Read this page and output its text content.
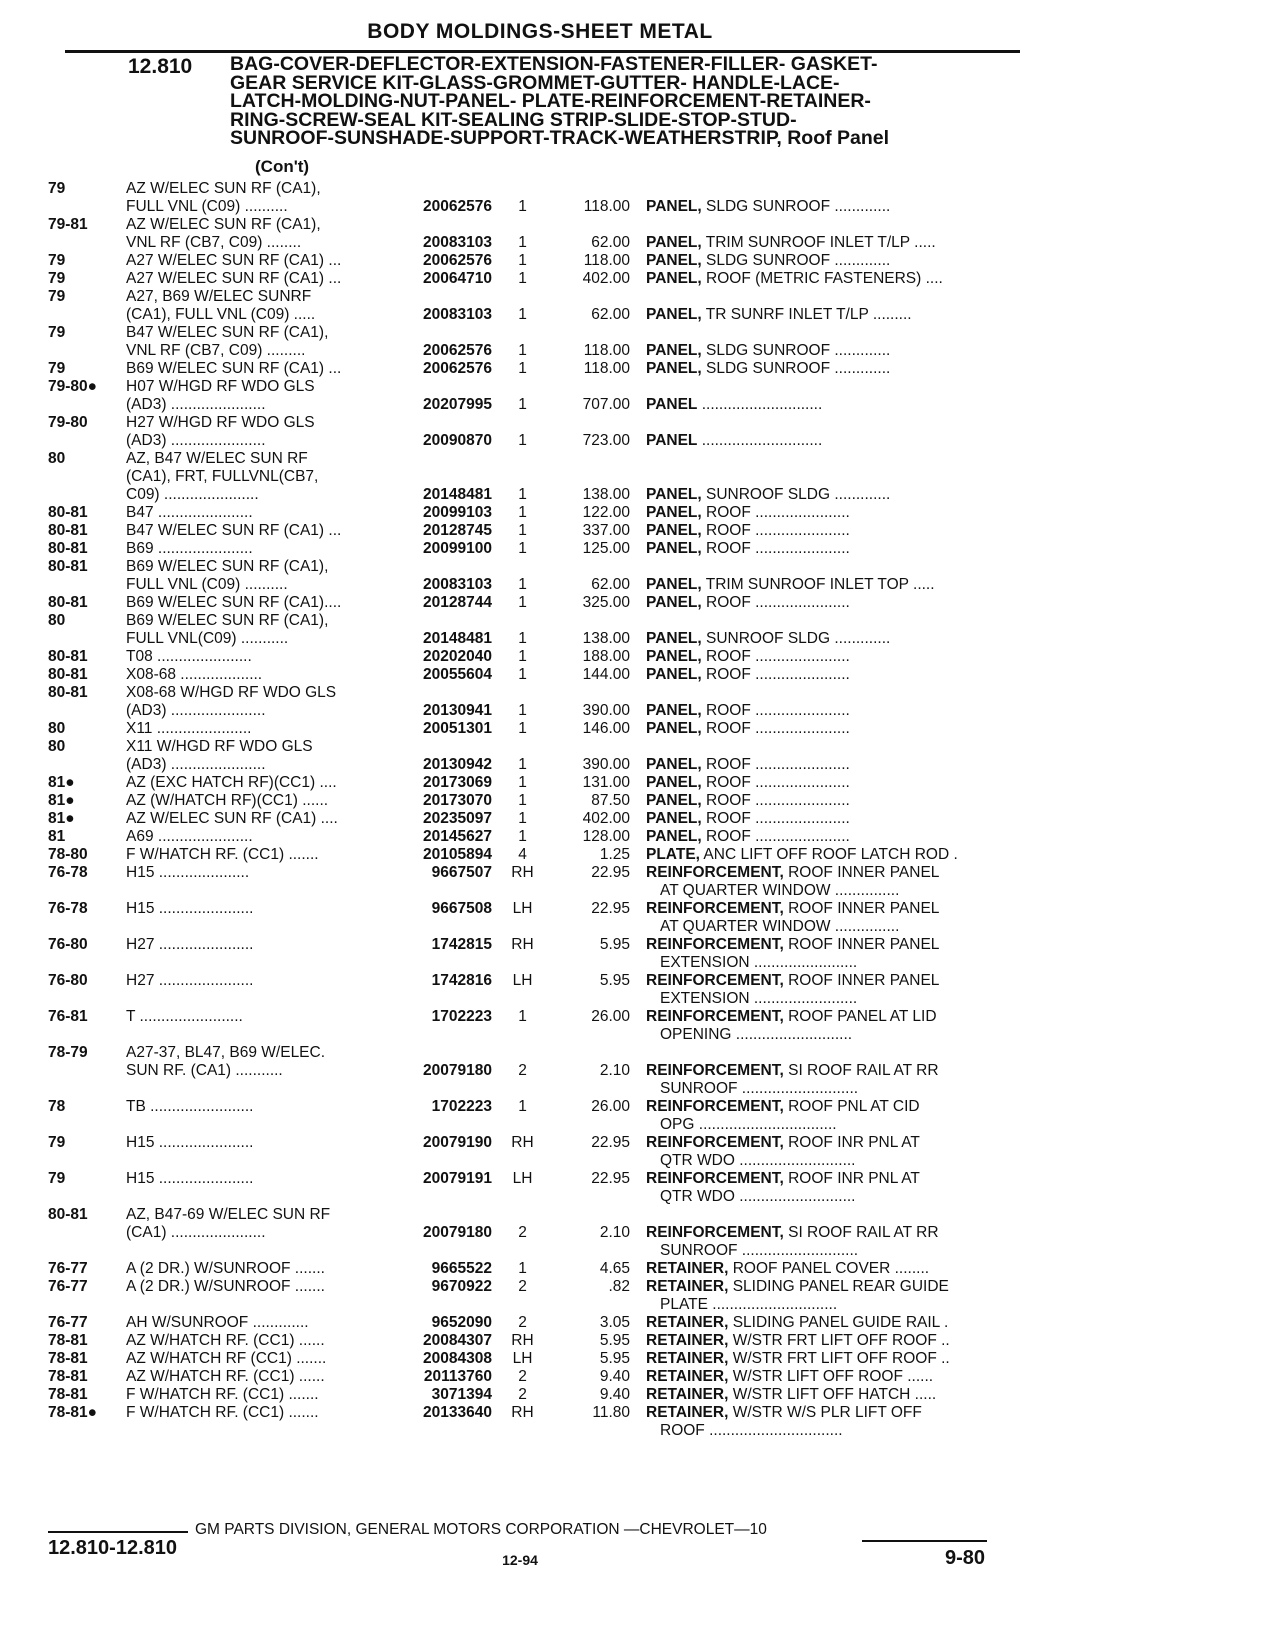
BODY MOLDINGS-SHEET METAL
12.810 BAG-COVER-DEFLECTOR-EXTENSION-FASTENER-FILLER- GASKET-
GEAR SERVICE KIT-GLASS-GROMMET-GUTTER- HANDLE-LACE-
LATCH-MOLDING-NUT-PANEL- PLATE-REINFORCEMENT-RETAINER-
RING-SCREW-SEAL KIT-SEALING STRIP-SLIDE-STOP-STUD-
SUNROOF-SUNSHADE-SUPPORT-TRACK-WEATHERSTRIP, Roof Panel
(Con't)
79	AZ W/ELEC SUN RF (CA1),
FULL VNL (C09) ..........	20062576	1	118.00 PANEL, SLDG SUNROOF .............
79-81	AZ W/ELEC SUN RF (CA1),
VNL RF (CB7, C09) ........	20083103	1	62.00 PANEL, TRIM SUNROOF INLET T/LP .....
79	A27 W/ELEC SUN RF (CA1) ...	20062576	1	118.00 PANEL, SLDG SUNROOF .............
79	A27 W/ELEC SUN RF (CA1) ...	20064710	1	402.00 PANEL, ROOF (METRIC FASTENERS) ....
79	A27, B69 W/ELEC SUNRF
(CA1), FULL VNL (C09) .....	20083103	1	62.00 PANEL, TR SUNRF INLET T/LP .........
79	B47 W/ELEC SUN RF (CA1),
VNL RF (CB7, C09) .........	20062576	1	118.00 PANEL, SLDG SUNROOF .............
79	B69 W/ELEC SUN RF (CA1) ...	20062576	1	118.00 PANEL, SLDG SUNROOF .............
79-80●	H07 W/HGD RF WDO GLS
(AD3) ......................	20207995	1	707.00 PANEL ............................
79-80	H27 W/HGD RF WDO GLS
(AD3) ......................	20090870	1	723.00 PANEL ............................
80	AZ, B47 W/ELEC SUN RF
(CA1), FRT, FULLVNL(CB7,
C09) ......................	20148481	1	138.00 PANEL, SUNROOF SLDG .............
80-81	B47 ......................	20099103	1	122.00 PANEL, ROOF ......................
80-81	B47 W/ELEC SUN RF (CA1) ...	20128745	1	337.00 PANEL, ROOF ......................
80-81	B69 ......................	20099100	1	125.00 PANEL, ROOF ......................
80-81	B69 W/ELEC SUN RF (CA1),
FULL VNL (C09) ..........	20083103	1	62.00 PANEL, TRIM SUNROOF INLET TOP .....
80-81	B69 W/ELEC SUN RF (CA1)....	20128744	1	325.00 PANEL, ROOF ......................
80	B69 W/ELEC SUN RF (CA1),
FULL VNL(C09) ...........	20148481	1	138.00 PANEL, SUNROOF SLDG .............
80-81	T08 ......................	20202040	1	188.00 PANEL, ROOF ......................
80-81	X08-68 ...................	20055604	1	144.00 PANEL, ROOF ......................
80-81	X08-68 W/HGD RF WDO GLS
(AD3) ......................	20130941	1	390.00 PANEL, ROOF ......................
80	X11 ......................	20051301	1	146.00 PANEL, ROOF ......................
80	X11 W/HGD RF WDO GLS
(AD3) ......................	20130942	1	390.00 PANEL, ROOF ......................
81●	AZ (EXC HATCH RF)(CC1) ....	20173069	1	131.00 PANEL, ROOF ......................
81●	AZ (W/HATCH RF)(CC1) ......	20173070	1	87.50 PANEL, ROOF ......................
81●	AZ W/ELEC SUN RF (CA1) ....	20235097	1	402.00 PANEL, ROOF ......................
81	A69 ......................	20145627	1	128.00 PANEL, ROOF ......................
78-80	F W/HATCH RF. (CC1) .......	20105894	4	1.25 PLATE, ANC LIFT OFF ROOF LATCH ROD .
76-78	H15 .....................	9667507	RH	22.95 REINFORCEMENT, ROOF INNER PANEL
AT QUARTER WINDOW ...............
76-78	H15 ......................	9667508	LH	22.95 REINFORCEMENT, ROOF INNER PANEL
AT QUARTER WINDOW ...............
76-80	H27 ......................	1742815	RH	5.95 REINFORCEMENT, ROOF INNER PANEL
EXTENSION ........................
76-80	H27 ......................	1742816	LH	5.95 REINFORCEMENT, ROOF INNER PANEL
EXTENSION ........................
76-81	T ........................	1702223	1	26.00 REINFORCEMENT, ROOF PANEL AT LID
OPENING ...........................
78-79	A27-37, BL47, B69 W/ELEC.
SUN RF. (CA1) ...........	20079180	2	2.10 REINFORCEMENT, SI ROOF RAIL AT RR
SUNROOF ...........................
78	TB ........................	1702223	1	26.00 REINFORCEMENT, ROOF PNL AT CID
OPG ................................
79	H15 ......................	20079190	RH	22.95 REINFORCEMENT, ROOF INR PNL AT
QTR WDO ...........................
79	H15 ......................	20079191	LH	22.95 REINFORCEMENT, ROOF INR PNL AT
QTR WDO ...........................
80-81	AZ, B47-69 W/ELEC SUN RF
(CA1) ......................	20079180	2	2.10 REINFORCEMENT, SI ROOF RAIL AT RR
SUNROOF ...........................
76-77	A (2 DR.) W/SUNROOF .......	9665522	1	4.65 RETAINER, ROOF PANEL COVER ........
76-77	A (2 DR.) W/SUNROOF .......	9670922	2	.82 RETAINER, SLIDING PANEL REAR GUIDE
PLATE .............................
76-77	AH W/SUNROOF .............	9652090	2	3.05 RETAINER, SLIDING PANEL GUIDE RAIL .
78-81	AZ W/HATCH RF. (CC1) ......	20084307	RH	5.95 RETAINER, W/STR FRT LIFT OFF ROOF ..
78-81	AZ W/HATCH RF (CC1) .......	20084308	LH	5.95 RETAINER, W/STR FRT LIFT OFF ROOF ..
78-81	AZ W/HATCH RF. (CC1) ......	20113760	2	9.40 RETAINER, W/STR LIFT OFF ROOF ......
78-81	F W/HATCH RF. (CC1) .......	3071394	2	9.40 RETAINER, W/STR LIFT OFF HATCH .....
78-81●	F W/HATCH RF. (CC1) .......	20133640	RH	11.80 RETAINER, W/STR W/S PLR LIFT OFF
ROOF ...............................
GM PARTS DIVISION, GENERAL MOTORS CORPORATION —CHEVROLET—10
12.810-12.810
12-94	9-80
